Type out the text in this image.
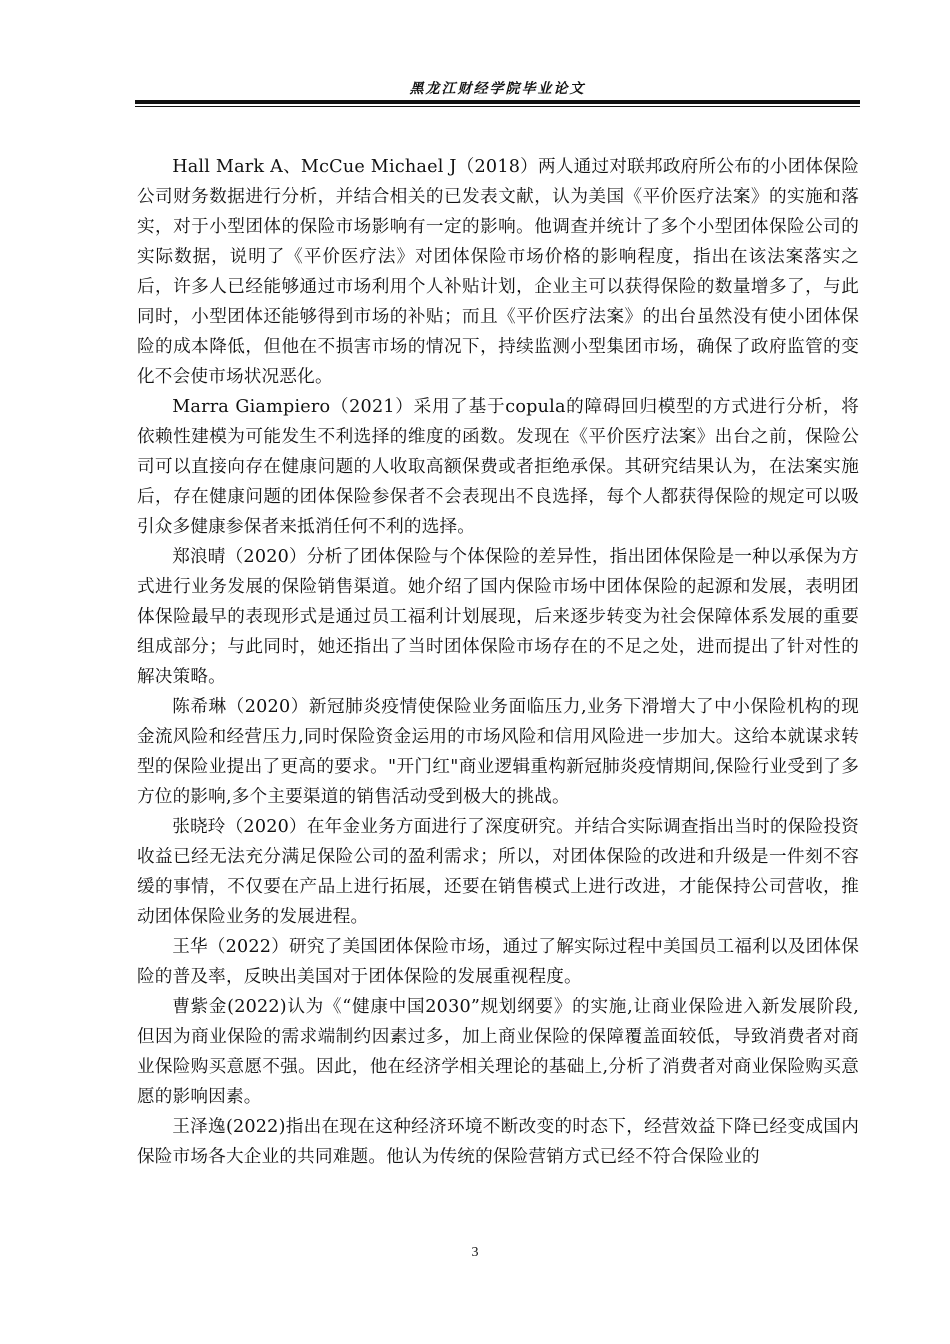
黑龙江财经学院毕业论文

Hall Mark A、McCue Michael J（2018）两人通过对联邦政府所公布的小团体保险公司财务数据进行分析，并结合相关的已发表文献，认为美国《平价医疗法案》的实施和落实，对于小型团体的保险市场影响有一定的影响。他调查并统计了多个小型团体保险公司的实际数据，说明了《平价医疗法》对团体保险市场价格的影响程度，指出在该法案落实之后，许多人已经能够通过市场利用个人补贴计划，企业主可以获得保险的数量增多了，与此同时，小型团体还能够得到市场的补贴；而且《平价医疗法案》的出台虽然没有使小团体保险的成本降低，但他在不损害市场的情况下，持续监测小型集团市场，确保了政府监管的变化不会使市场状况恶化。

Marra Giampiero（2021）采用了基于copula的障碍回归模型的方式进行分析，将依赖性建模为可能发生不利选择的维度的函数。发现在《平价医疗法案》出台之前，保险公司可以直接向存在健康问题的人收取高额保费或者拒绝承保。其研究结果认为，在法案实施后，存在健康问题的团体保险参保者不会表现出不良选择，每个人都获得保险的规定可以吸引众多健康参保者来抵消任何不利的选择。

郑浪晴（2020）分析了团体保险与个体保险的差异性，指出团体保险是一种以承保为方式进行业务发展的保险销售渠道。她介绍了国内保险市场中团体保险的起源和发展，表明团体保险最早的表现形式是通过员工福利计划展现，后来逐步转变为社会保障体系发展的重要组成部分；与此同时，她还指出了当时团体保险市场存在的不足之处，进而提出了针对性的解决策略。

陈希琳（2020）新冠肺炎疫情使保险业务面临压力,业务下滑增大了中小保险机构的现金流风险和经营压力,同时保险资金运用的市场风险和信用风险进一步加大。这给本就谋求转型的保险业提出了更高的要求。"开门红"商业逻辑重构新冠肺炎疫情期间,保险行业受到了多方位的影响,多个主要渠道的销售活动受到极大的挑战。

张晓玲（2020）在年金业务方面进行了深度研究。并结合实际调查指出当时的保险投资收益已经无法充分满足保险公司的盈利需求；所以，对团体保险的改进和升级是一件刻不容缓的事情，不仅要在产品上进行拓展，还要在销售模式上进行改进，才能保持公司营收，推动团体保险业务的发展进程。

王华（2022）研究了美国团体保险市场，通过了解实际过程中美国员工福利以及团体保险的普及率，反映出美国对于团体保险的发展重视程度。

曹紫金(2022)认为《“健康中国2030”规划纲要》的实施,让商业保险进入新发展阶段,但因为商业保险的需求端制约因素过多，加上商业保险的保障覆盖面较低，导致消费者对商业保险购买意愿不强。因此，他在经济学相关理论的基础上,分析了消费者对商业保险购买意愿的影响因素。

王泽逸(2022)指出在现在这种经济环境不断改变的时态下，经营效益下降已经变成国内保险市场各大企业的共同难题。他认为传统的保险营销方式已经不符合保险业的

3
